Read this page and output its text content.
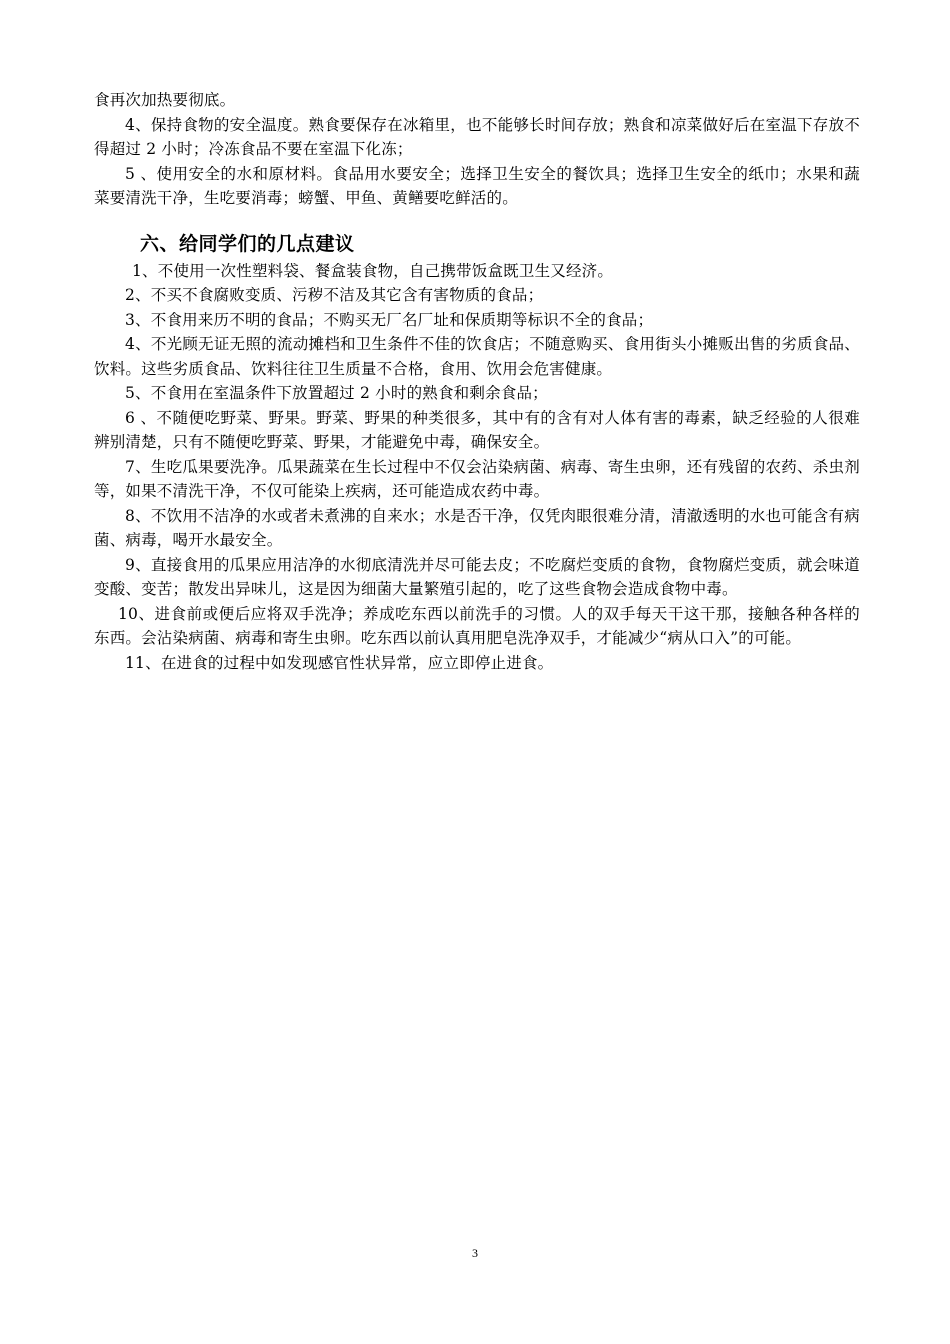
食再次加热要彻底。

4、保持食物的安全温度。熟食要保存在冰箱里，也不能够长时间存放；熟食和凉菜做好后在室温下存放不得超过 2 小时；冷冻食品不要在室温下化冻；

5 、使用安全的水和原材料。食品用水要安全；选择卫生安全的餐饮具；选择卫生安全的纸巾；水果和蔬菜要清洗干净，生吃要消毒；螃蟹、甲鱼、黄鳝要吃鲜活的。

六、给同学们的几点建议

1、不使用一次性塑料袋、餐盒装食物，自己携带饭盒既卫生又经济。

2、不买不食腐败变质、污秽不洁及其它含有害物质的食品；

3、不食用来历不明的食品；不购买无厂名厂址和保质期等标识不全的食品；

4、不光顾无证无照的流动摊档和卫生条件不佳的饮食店；不随意购买、食用街头小摊贩出售的劣质食品、饮料。这些劣质食品、饮料往往卫生质量不合格，食用、饮用会危害健康。

5、不食用在室温条件下放置超过 2 小时的熟食和剩余食品；

6 、不随便吃野菜、野果。野菜、野果的种类很多，其中有的含有对人体有害的毒素，缺乏经验的人很难辨别清楚，只有不随便吃野菜、野果，才能避免中毒，确保安全。

7、生吃瓜果要洗净。瓜果蔬菜在生长过程中不仅会沾染病菌、病毒、寄生虫卵，还有残留的农药、杀虫剂等，如果不清洗干净，不仅可能染上疾病，还可能造成农药中毒。

8、不饮用不洁净的水或者未煮沸的自来水；水是否干净，仅凭肉眼很难分清，清澈透明的水也可能含有病菌、病毒，喝开水最安全。

9、直接食用的瓜果应用洁净的水彻底清洗并尽可能去皮；不吃腐烂变质的食物，食物腐烂变质，就会味道变酸、变苦；散发出异味儿，这是因为细菌大量繁殖引起的，吃了这些食物会造成食物中毒。

10、进食前或便后应将双手洗净；养成吃东西以前洗手的习惯。人的双手每天干这干那，接触各种各样的东西。会沾染病菌、病毒和寄生虫卵。吃东西以前认真用肥皂洗净双手，才能减少“病从口入”的可能。

11、在进食的过程中如发现感官性状异常，应立即停止进食。

3
